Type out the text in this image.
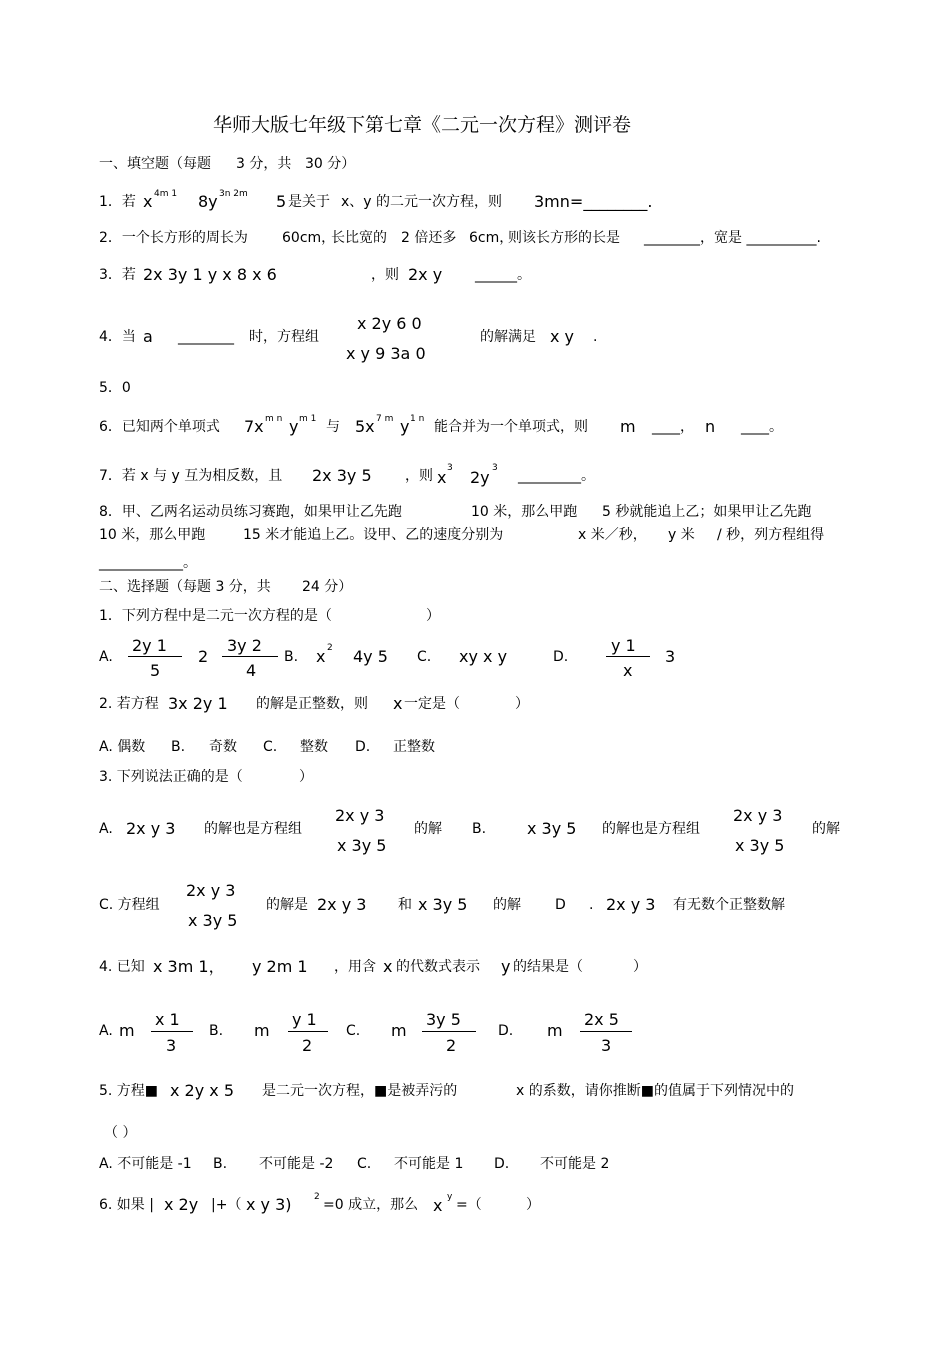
华师大版七年级下第七章《二元一次方程》测评卷
一、填空题（每题 3 分，共 30 分）
1．若 x 4m 1 8y 3n 2m 5 是关于 x、y 的二元一次方程，则 3mn=________.
2．一个长方形的周长为 60cm，
长比宽的 2 倍还多 6cm，
则该长方形的长是 ________，宽是 __________.
3．若 2x 3y 1 y x 8 x 6	，则 2x y ______。
4．当 a ________ 时，方程组
x 2y 6 0
x y 9 3a 0
的解满足 x y .
5．0
6．已知两个单项式 7x m n y m 1 与 5x 7 m y 1 n 能合并为一个单项式，则 m ____， n ____。
7．若 x 与 y 互为相反数，且 2x 3y 5 ，则 x 3 2y 3 _________。
8．甲、乙两名运动员练习赛跑，如果甲让乙先跑	10 米，那么甲跑 5 秒就能追上乙；如果甲让乙先跑
10 米，那么甲跑	15 米才能追上乙。设甲、乙的速度分别为	x 米／秒， y 米 / 秒，列方程组得
____________。
二、选择题（每题 3 分，共 24 分）
1．下列方程中是二元一次方程的是（	）
A.
2y 1
5
2
3y 2
4
B. x 2 4y 5 C. xy x y	D.
y 1
x
3
2. 若方程 3x 2y 1 的解是正整数，则 x 一定是（	）
A. 偶数 B. 奇数 C. 整数 D. 正整数
3. 下列说法正确的是（	）
A. 2x y 3 的解也是方程组
2x y 3
x 3y 5
的解 B.	x 3y 5 的解也是方程组
2x y 3
x 3y 5
的解
C. 方程组
2x y 3
x 3y 5
的解是 2x y 3 和 x 3y 5 的解 D . 2x y 3 有无数个正整数解
4. 已知 x 3m 1， y 2m 1 ，用含 x 的代数式表示 y 的结果是（	）
A. m
x 1
3
B. m
y 1
2
C. m
3y 5
2
D. m
2x 5
3
5. 方程■ x 2y x 5 是二元一次方程，■是被弄污的	x 的系数，请你推断■的值属于下列情况中的
（ ）
A. 不可能是 -1 B. 不可能是 -2 C. 不可能是 1 D. 不可能是 2
6. 如果 | x 2y |+（ x y 3) 2 =0 成立，那么 x y =（	）
